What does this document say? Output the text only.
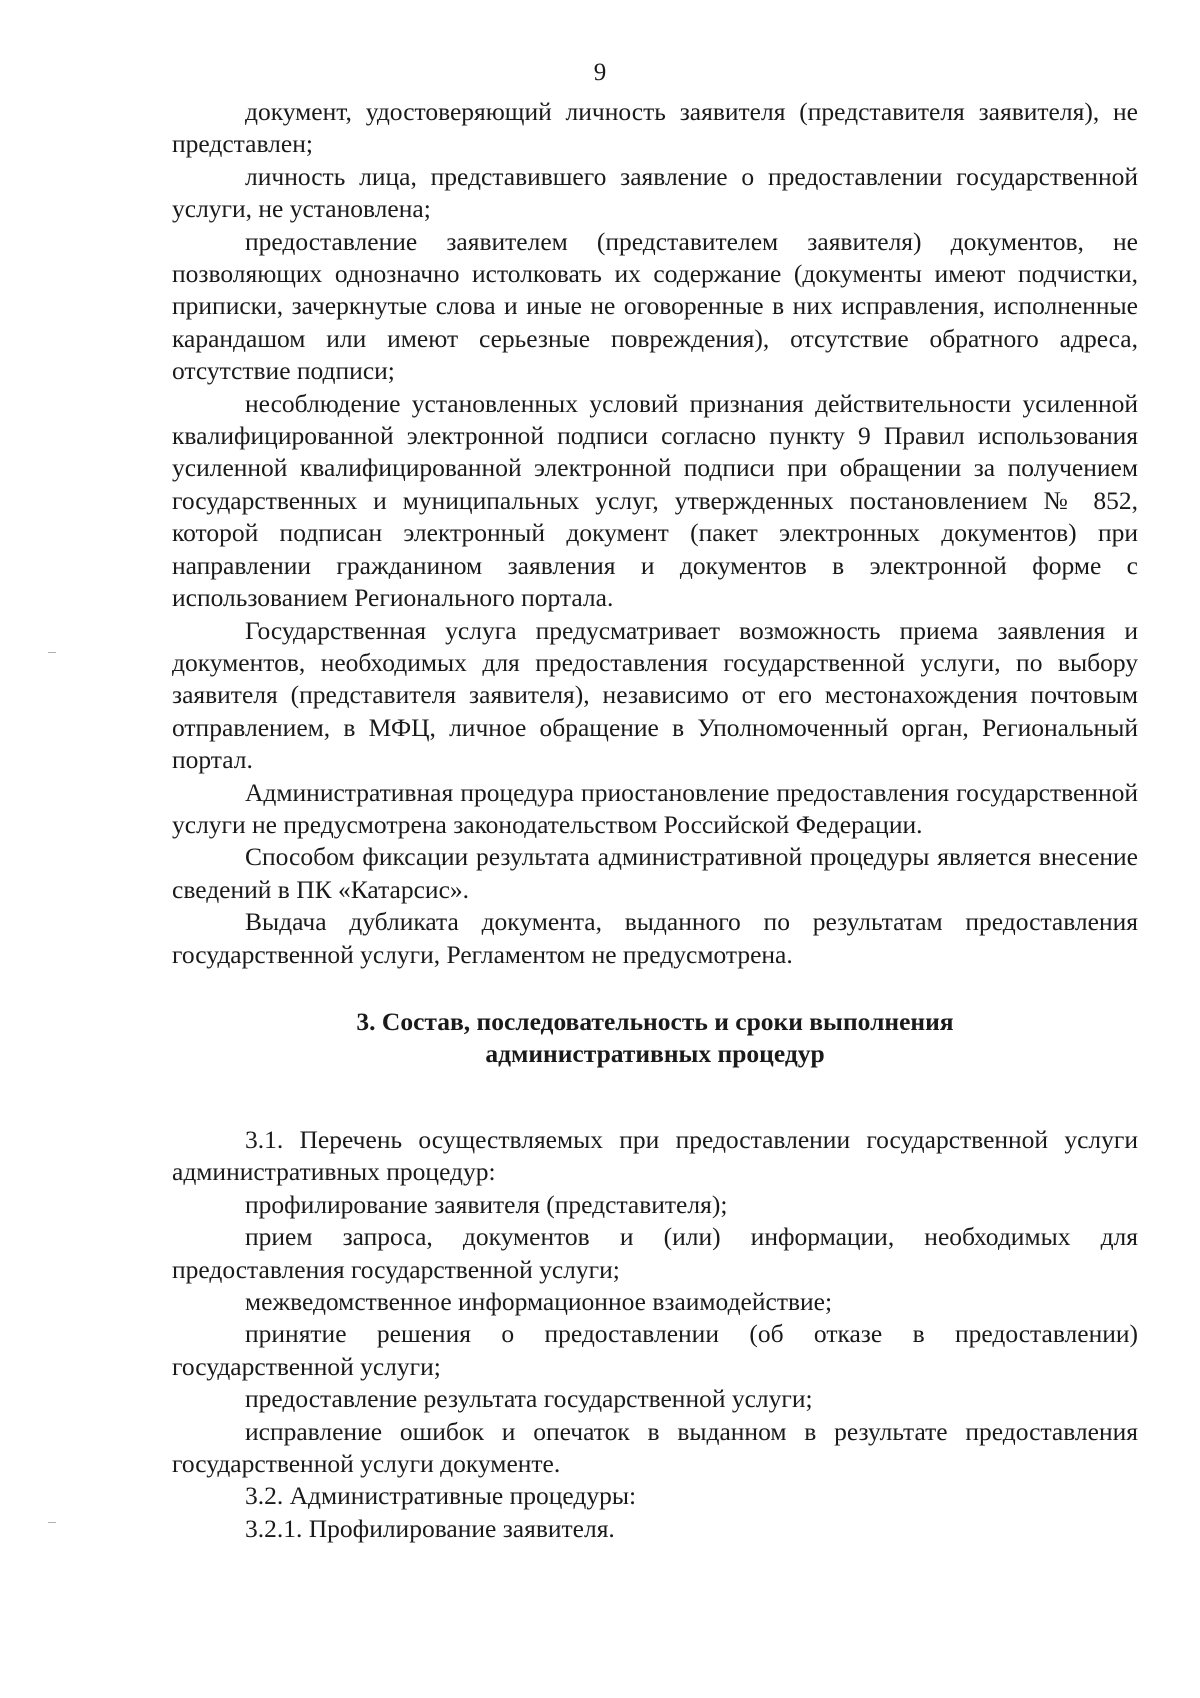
9

документ, удостоверяющий личность заявителя (представителя заявителя), не представлен;

личность лица, представившего заявление о предоставлении государственной услуги, не установлена;

предоставление заявителем (представителем заявителя) документов, не позволяющих однозначно истолковать их содержание (документы имеют подчистки, приписки, зачеркнутые слова и иные не оговоренные в них исправления, исполненные карандашом или имеют серьезные повреждения), отсутствие обратного адреса, отсутствие подписи;

несоблюдение установленных условий признания действительности усиленной квалифицированной электронной подписи согласно пункту 9 Правил использования усиленной квалифицированной электронной подписи при обращении за получением государственных и муниципальных услуг, утвержденных постановлением № 852, которой подписан электронный документ (пакет электронных документов) при направлении гражданином заявления и документов в электронной форме с использованием Регионального портала.

Государственная услуга предусматривает возможность приема заявления и документов, необходимых для предоставления государственной услуги, по выбору заявителя (представителя заявителя), независимо от его местонахождения почтовым отправлением, в МФЦ, личное обращение в Уполномоченный орган, Региональный портал.

Административная процедура приостановление предоставления государственной услуги не предусмотрена законодательством Российской Федерации.

Способом фиксации результата административной процедуры является внесение сведений в ПК «Катарсис».

Выдача дубликата документа, выданного по результатам предоставления государственной услуги, Регламентом не предусмотрена.

3. Состав, последовательность и сроки выполнения
административных процедур

3.1. Перечень осуществляемых при предоставлении государственной услуги административных процедур:

профилирование заявителя (представителя);

прием запроса, документов и (или) информации, необходимых для предоставления государственной услуги;

межведомственное информационное взаимодействие;

принятие решения о предоставлении (об отказе в предоставлении) государственной услуги;

предоставление результата государственной услуги;

исправление ошибок и опечаток в выданном в результате предоставления государственной услуги документе.

3.2. Административные процедуры:

3.2.1. Профилирование заявителя.
